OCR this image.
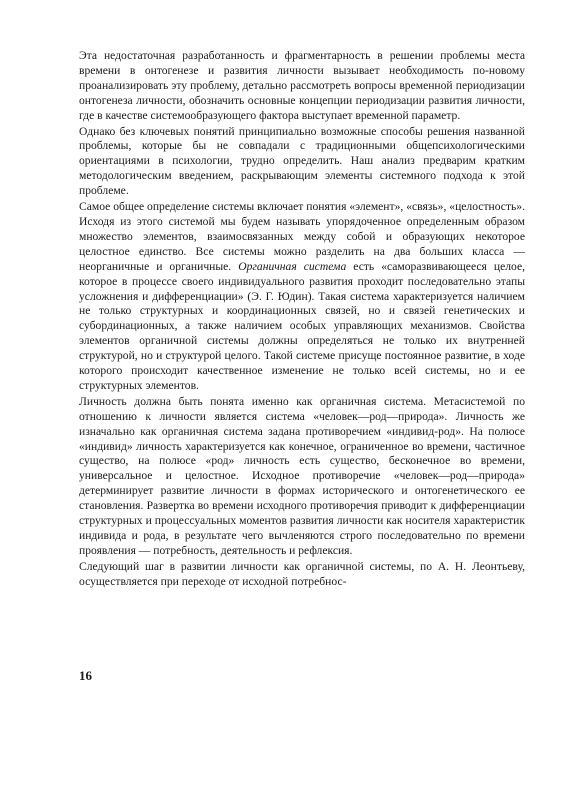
Эта недостаточная разработанность и фрагментарность в решении проблемы места времени в онтогенезе и развития личности вызывает необходимость по-новому проанализировать эту проблему, детально рассмотреть вопросы временной периодизации онтогенеза личности, обозначить основные концепции периодизации развития личности, где в качестве системообразующего фактора выступает временной параметр.

Однако без ключевых понятий принципиально возможные способы решения названной проблемы, которые бы не совпадали с традиционными общепсихологическими ориентациями в психологии, трудно определить. Наш анализ предварим кратким методологическим введением, раскрывающим элементы системного подхода к этой проблеме.

Самое общее определение системы включает понятия «элемент», «связь», «целостность». Исходя из этого системой мы будем называть упорядоченное определенным образом множество элементов, взаимосвязанных между собой и образующих некоторое целостное единство. Все системы можно разделить на два больших класса — неорганичные и органичные. Органичная система есть «саморазвивающееся целое, которое в процессе своего индивидуального развития проходит последовательно этапы усложнения и дифференциации» (Э. Г. Юдин). Такая система характеризуется наличием не только структурных и координационных связей, но и связей генетических и субординационных, а также наличием особых управляющих механизмов. Свойства элементов органичной системы должны определяться не только их внутренней структурой, но и структурой целого. Такой системе присуще постоянное развитие, в ходе которого происходит качественное изменение не только всей системы, но и ее структурных элементов.

Личность должна быть понята именно как органичная система. Метасистемой по отношению к личности является система «человек—род—природа». Личность же изначально как органичная система задана противоречием «индивид-род». На полюсе «индивид» личность характеризуется как конечное, ограниченное во времени, частичное существо, на полюсе «род» личность есть существо, бесконечное во времени, универсальное и целостное. Исходное противоречие «человек—род—природа» детерминирует развитие личности в формах исторического и онтогенетического ее становления. Развертка во времени исходного противоречия приводит к дифференциации структурных и процессуальных моментов развития личности как носителя характеристик индивида и рода, в результате чего вычленяются строго последовательно по времени проявления — потребность, деятельность и рефлексия.

Следующий шаг в развитии личности как органичной системы, по А. Н. Леонтьеву, осуществляется при переходе от исходной потребнос-

16
